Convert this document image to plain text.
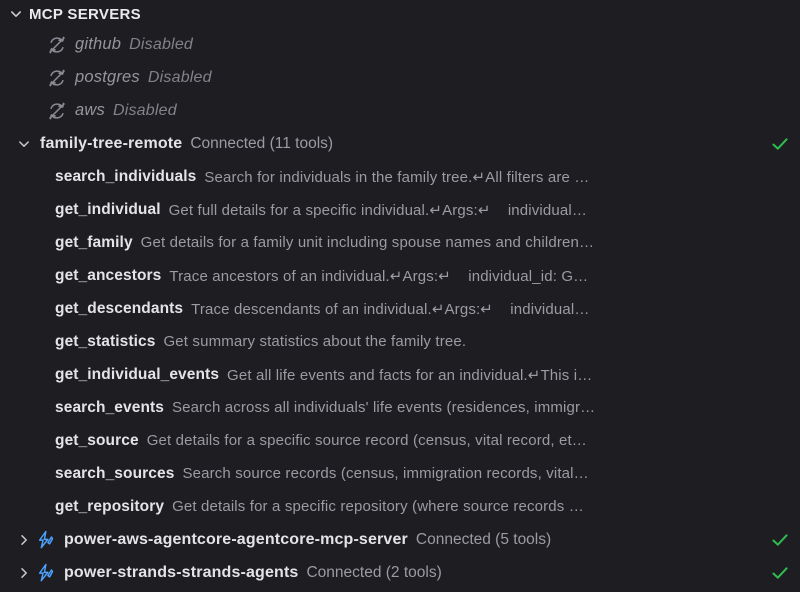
MCP SERVERS
github Disabled
postgres Disabled
aws Disabled
family-tree-remote Connected (11 tools)
search_individuals Search for individuals in the family tree.↵All filters are …
get_individual Get full details for a specific individual.↵Args:↵    individual…
get_family Get details for a family unit including spouse names and children…
get_ancestors Trace ancestors of an individual.↵Args:↵    individual_id: G…
get_descendants Trace descendants of an individual.↵Args:↵    individual…
get_statistics Get summary statistics about the family tree.
get_individual_events Get all life events and facts for an individual.↵This i…
search_events Search across all individuals' life events (residences, immigr…
get_source Get details for a specific source record (census, vital record, et…
search_sources Search source records (census, immigration records, vital…
get_repository Get details for a specific repository (where source records …
power-aws-agentcore-agentcore-mcp-server Connected (5 tools)
power-strands-strands-agents Connected (2 tools)
